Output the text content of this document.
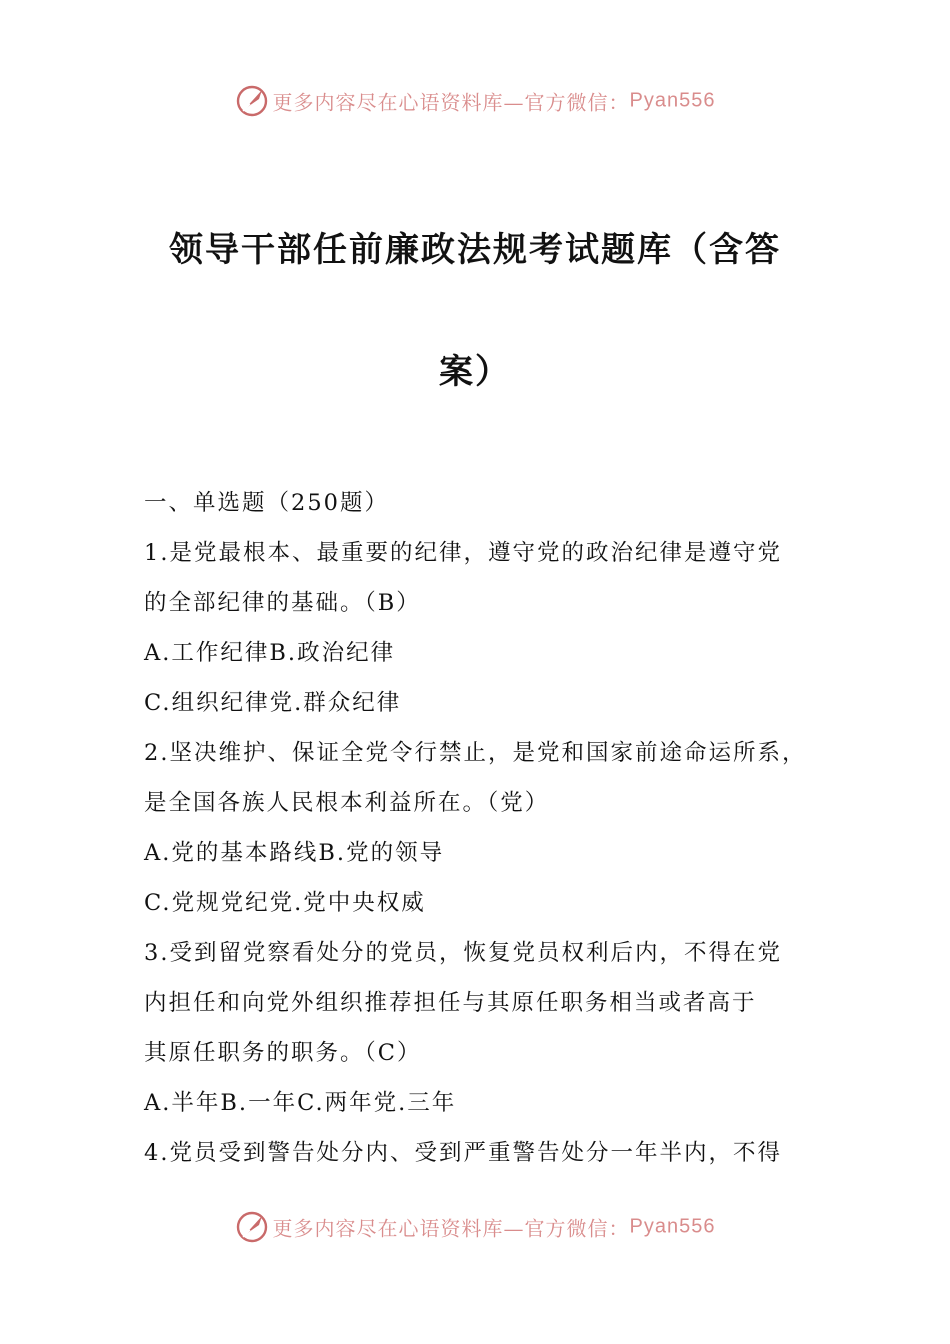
更多内容尽在心语资料库—官方微信：Pyan556
领导干部任前廉政法规考试题库（含答
案）
一、单选题（250题）
1.是党最根本、最重要的纪律，遵守党的政治纪律是遵守党
的全部纪律的基础。（B）
A.工作纪律B.政治纪律
C.组织纪律党.群众纪律
2.坚决维护、保证全党令行禁止，是党和国家前途命运所系，
是全国各族人民根本利益所在。（党）
A.党的基本路线B.党的领导
C.党规党纪党.党中央权威
3.受到留党察看处分的党员，恢复党员权利后内，不得在党
内担任和向党外组织推荐担任与其原任职务相当或者高于
其原任职务的职务。（C）
A.半年B.一年C.两年党.三年
4.党员受到警告处分内、受到严重警告处分一年半内，不得
更多内容尽在心语资料库—官方微信：Pyan556
